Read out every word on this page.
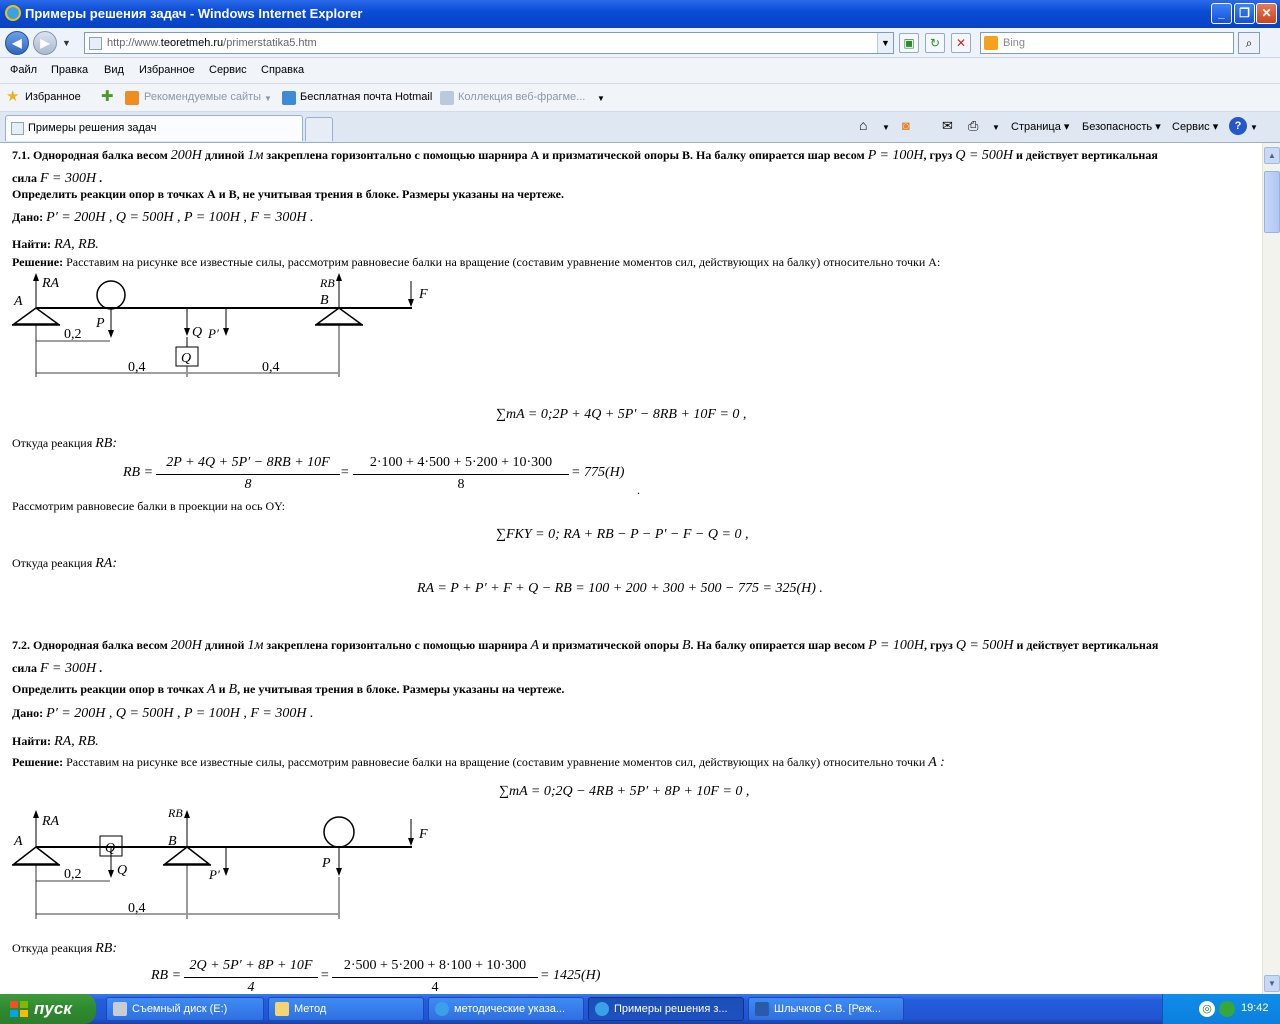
Примеры решения задач - Windows Internet Explorer	_	❐ ✕
◀	▶	▼	http://www.teoretmeh.ru/primerstatika5.htm	▼	▣	↻	✕	Bing	⌕
Файл Правка Вид Избранное Сервис Справка
★ Избранное ✚	Рекомендуемые сайты ▼	Бесплатная почта Hotmail Коллекция веб-фрагме... ▼
Примеры решения задач	⌂ ▼ ◙ ✉ ⎙ ▼ Страница ▾ Безопасность ▾ Сервис ▾	?	▼
7.1. Однородная балка весом 200Н длиной 1м закреплена горизонтально с помощью шарнира А и призматической опоры В. На балку опирается шар весом P = 100Н, груз Q = 500Н и действует вертикальная
сила F = 300Н .
Определить реакции опор в точках А и В, не учитывая трения в блоке. Размеры указаны на чертеже.
Дано: P′ = 200Н , Q = 500Н , P = 100Н , F = 300Н .
Найти: RA, RB.
Решение: Расставим на рисунке все известные силы, рассмотрим равновесие балки на вращение (составим уравнение моментов сил, действующих на балку) относительно точки А:
A
RA	RB
B	F
P
Q P′
Q
0,2
0,4	0,4
∑mA = 0;2P + 4Q + 5P′ − 8RB + 10F = 0 ,
Откуда реакция RB:
RB =
2P + 4Q + 5P′ − 8RB + 10F
8
=
2·100 + 4·500 + 5·200 + 10·300
8
= 775(Н)
.
Рассмотрим равновесие балки в проекции на ось ОY:
∑FKY = 0; RA + RB − P − P′ − F − Q = 0 ,
Откуда реакция RA:
RA = P + P′ + F + Q − RB = 100 + 200 + 300 + 500 − 775 = 325(Н) .
7.2. Однородная балка весом 200Н длиной 1м закреплена горизонтально с помощью шарнира A и призматической опоры B. На балку опирается шар весом P = 100Н, груз Q = 500Н и действует вертикальная
сила F = 300Н .
Определить реакции опор в точках A и B, не учитывая трения в блоке. Размеры указаны на чертеже.
Дано: P′ = 200Н , Q = 500Н , P = 100Н , F = 300Н .
Найти: RA, RB.
Решение: Расставим на рисунке все известные силы, рассмотрим равновесие балки на вращение (составим уравнение моментов сил, действующих на балку) относительно точки A :
∑mA = 0;2Q − 4RB + 5P′ + 8P + 10F = 0 ,
A
RA
RB
B	F
P
Q	P′
Q
0,2
0,4
Откуда реакция RB:
RB =
2Q + 5P′ + 8P + 10F
4
=
2·500 + 5·200 + 8·100 + 10·300
4
= 1425(Н)
▲
▼
пуск	Съемный диск (E:)	Метод	методические указа...	Примеры решения з...	Шлычков С.В. [Реж...	◎	19:42
